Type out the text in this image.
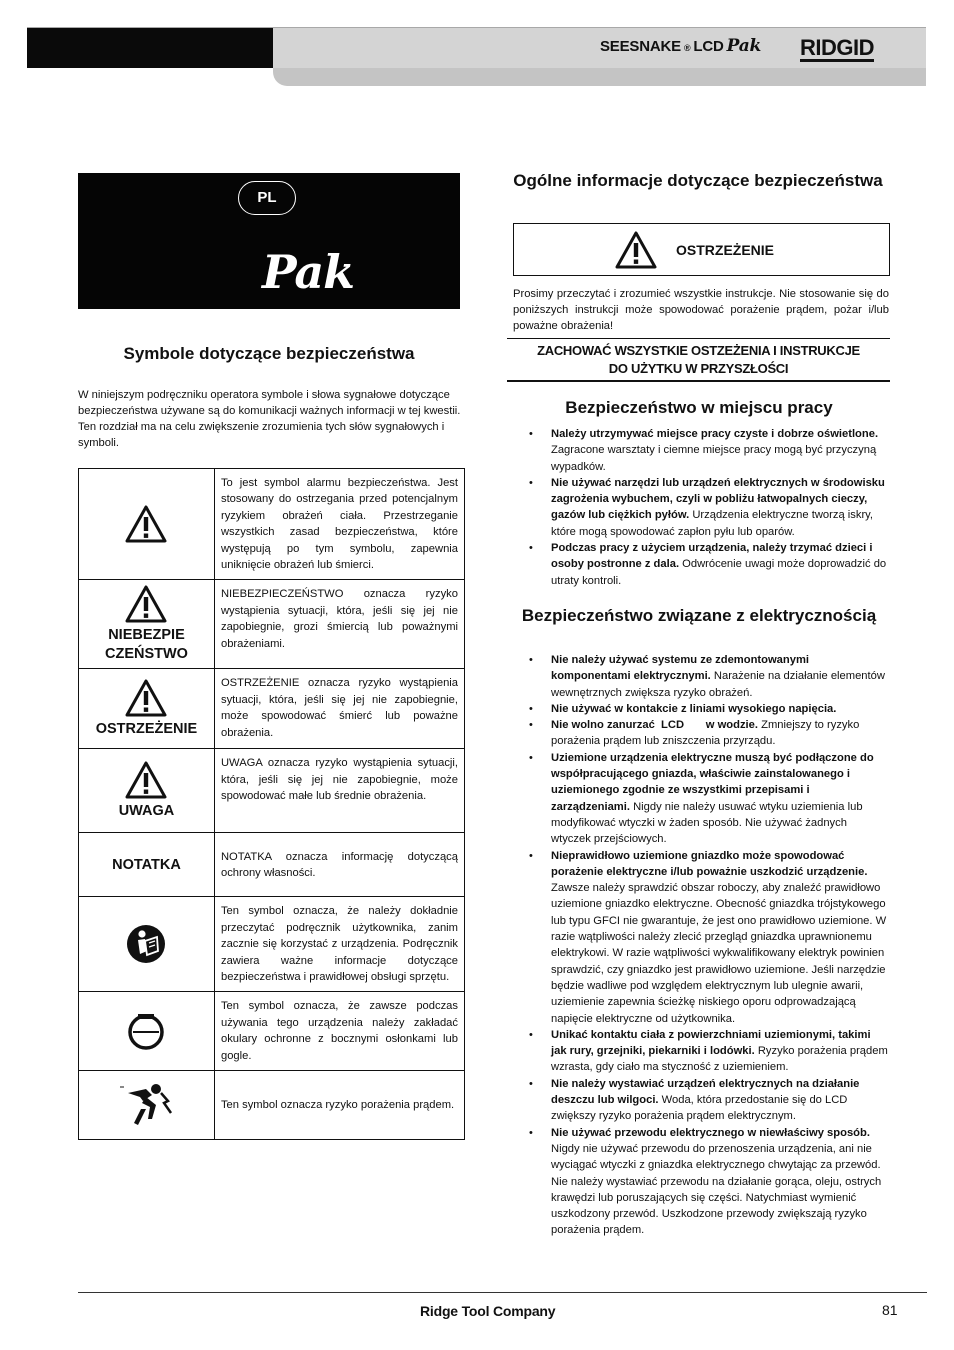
SEESNAKE ® LCD Pak RIDGID
PL
Pak
Symbole dotyczące bezpieczeństwa
W niniejszym podręczniku operatora symbole i słowa sygnałowe dotyczące bezpieczeństwa używane są do komunikacji ważnych informacji w tej kwestii. Ten rozdział ma na celu zwiększenie zrozumienia tych słów sygnałowych i symboli.
	To jest symbol alarmu bezpieczeństwa. Jest stosowany do ostrzegania przed potencjalnym ryzykiem obrażeń ciała. Przestrzeganie wszystkich zasad bezpieczeństwa, które występują po tym symbolu, zapewnia uniknięcie obrażeń lub śmierci.

NIEBEZPIE CZEŃSTWO	NIEBEZPIECZEŃSTWO oznacza ryzyko wystąpienia sytuacji, która, jeśli się jej nie zapobiegnie, grozi śmiercią lub poważnymi obrażeniami.

OSTRZEŻENIE	OSTRZEŻENIE oznacza ryzyko wystąpienia sytuacji, która, jeśli się jej nie zapobiegnie, może spowodować śmierć lub poważne obrażenia.

UWAGA	UWAGA oznacza ryzyko wystąpienia sytuacji, która, jeśli się jej nie zapobiegnie, może spowodować małe lub średnie obrażenia.

NOTATKA	NOTATKA oznacza informację dotyczącą ochrony własności.

	Ten symbol oznacza, że należy dokładnie przeczytać podręcznik użytkownika, zanim zacznie się korzystać z urządzenia. Podręcznik zawiera ważne informacje dotyczące bezpieczeństwa i prawidłowej obsługi sprzętu.

	Ten symbol oznacza, że zawsze podczas używania tego urządzenia należy zakładać okulary ochronne z bocznymi osłonkami lub gogle.

	Ten symbol oznacza ryzyko porażenia prądem.
Ogólne informacje dotyczące bezpieczeństwa
OSTRZEŻENIE
Prosimy przeczytać i zrozumieć wszystkie instrukcje. Nie stosowanie się do poniższych instrukcji może spowodować porażenie prądem, pożar i/lub poważne obrażenia!
ZACHOWAĆ WSZYSTKIE OSTZEŻENIA I INSTRUKCJE
DO UŻYTKU W PRZYSZŁOŚCI
Bezpieczeństwo w miejscu pracy
• Należy utrzymywać miejsce pracy czyste i dobrze oświetlone. Zagracone warsztaty i ciemne miejsce pracy mogą być przyczyną wypadków.
• Nie używać narzędzi lub urządzeń elektrycznych w środowisku zagrożenia wybuchem, czyli w pobliżu łatwopalnych cieczy, gazów lub ciężkich pyłów. Urządzenia elektryczne tworzą iskry, które mogą spowodować zapłon pyłu lub oparów.
• Podczas pracy z użyciem urządzenia, należy trzymać dzieci i osoby postronne z dala. Odwrócenie uwagi może doprowadzić do utraty kontroli.
Bezpieczeństwo związane z elektrycznością
• Nie należy używać systemu ze zdemontowanymi komponentami elektrycznymi. Narażenie na działanie elementów wewnętrznych zwiększa ryzyko obrażeń.
• Nie używać w kontakcie z liniami wysokiego napięcia.
• Nie wolno zanurzać  LCD       w wodzie. Zmniejszy to ryzyko porażenia prądem lub zniszczenia przyrządu.
• Uziemione urządzenia elektryczne muszą być podłączone do współpracującego gniazda, właściwie zainstalowanego i uziemionego zgodnie ze wszystkimi przepisami i zarządzeniami. Nigdy nie należy usuwać wtyku uziemienia lub modyfikować wtyczki w żaden sposób. Nie używać żadnych wtyczek przejściowych.
• Nieprawidłowo uziemione gniazdko może spowodować porażenie elektryczne i/lub poważnie uszkodzić urządzenie. Zawsze należy sprawdzić obszar roboczy, aby znaleźć prawidłowo uziemione gniazdko elektryczne. Obecność gniazdka trójstykowego lub typu GFCI nie gwarantuje, że jest ono prawidłowo uziemione. W razie wątpliwości należy zlecić przegląd gniazdka uprawnionemu elektrykowi. W razie wątpliwości wykwalifikowany elektryk powinien sprawdzić, czy gniazdko jest prawidłowo uziemione. Jeśli narzędzie będzie wadliwe pod względem elektrycznym lub ulegnie awarii, uziemienie zapewnia ścieżkę niskiego oporu odprowadzającą napięcie elektryczne od użytkownika.
• Unikać kontaktu ciała z powierzchniami uziemionymi, takimi jak rury, grzejniki, piekarniki i lodówki. Ryzyko porażenia prądem wzrasta, gdy ciało ma styczność z uziemieniem.
• Nie należy wystawiać urządzeń elektrycznych na działanie deszczu lub wilgoci. Woda, która przedostanie się do LCD zwiększy ryzyko porażenia prądem elektrycznym.
• Nie używać przewodu elektrycznego w niewłaściwy sposób. Nigdy nie używać przewodu do przenoszenia urządzenia, ani nie wyciągać wtyczki z gniazdka elektrycznego chwytając za przewód. Nie należy wystawiać przewodu na działanie gorąca, oleju, ostrych krawędzi lub poruszających się części. Natychmiast wymienić uszkodzony przewód. Uszkodzone przewody zwiększają ryzyko porażenia prądem.
Ridge Tool Company	81
